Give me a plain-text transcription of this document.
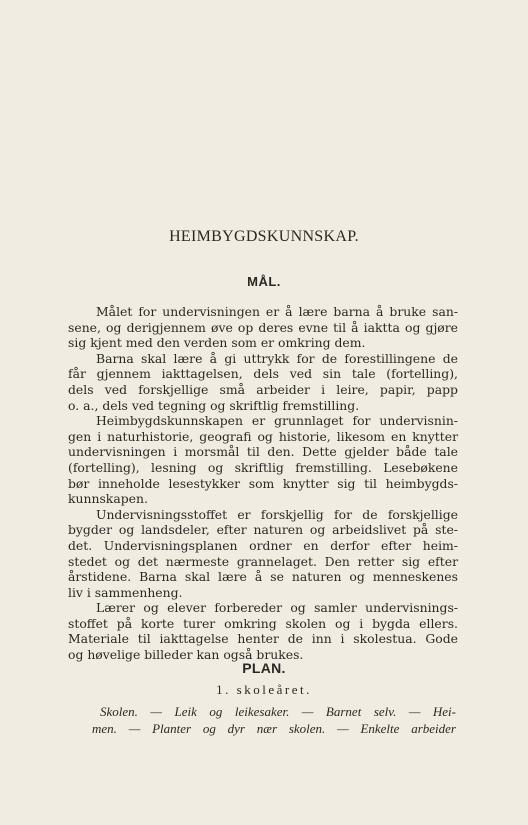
HEIMBYGDSKUNNSKAP.
MÅL.
Målet for undervisningen er å lære barna å bruke san-
sene, og derigjennem øve op deres evne til å iaktta og gjøre
sig kjent med den verden som er omkring dem.
Barna skal lære å gi uttrykk for de forestillingene de
får gjennem iakttagelsen, dels ved sin tale (fortelling),
dels ved forskjellige små arbeider i leire, papir, papp
o. a., dels ved tegning og skriftlig fremstilling.
Heimbygdskunnskapen er grunnlaget for undervisnin-
gen i naturhistorie, geografi og historie, likesom en knytter
undervisningen i morsmål til den. Dette gjelder både tale
(fortelling), lesning og skriftlig fremstilling. Lesebøkene
bør inneholde lesestykker som knytter sig til heimbygds-
kunnskapen.
Undervisningsstoffet er forskjellig for de forskjellige
bygder og landsdeler, efter naturen og arbeidslivet på ste-
det. Undervisningsplanen ordner en derfor efter heim-
stedet og det nærmeste grannelaget. Den retter sig efter
årstidene. Barna skal lære å se naturen og menneskenes
liv i sammenheng.
Lærer og elever forbereder og samler undervisnings-
stoffet på korte turer omkring skolen og i bygda ellers.
Materiale til iakttagelse henter de inn i skolestua. Gode
og høvelige billeder kan også brukes.
PLAN.
1. skoleåret.
Skolen. — Leik og leikesaker. — Barnet selv. — Hei-
men. — Planter og dyr nær skolen. — Enkelte arbeider
